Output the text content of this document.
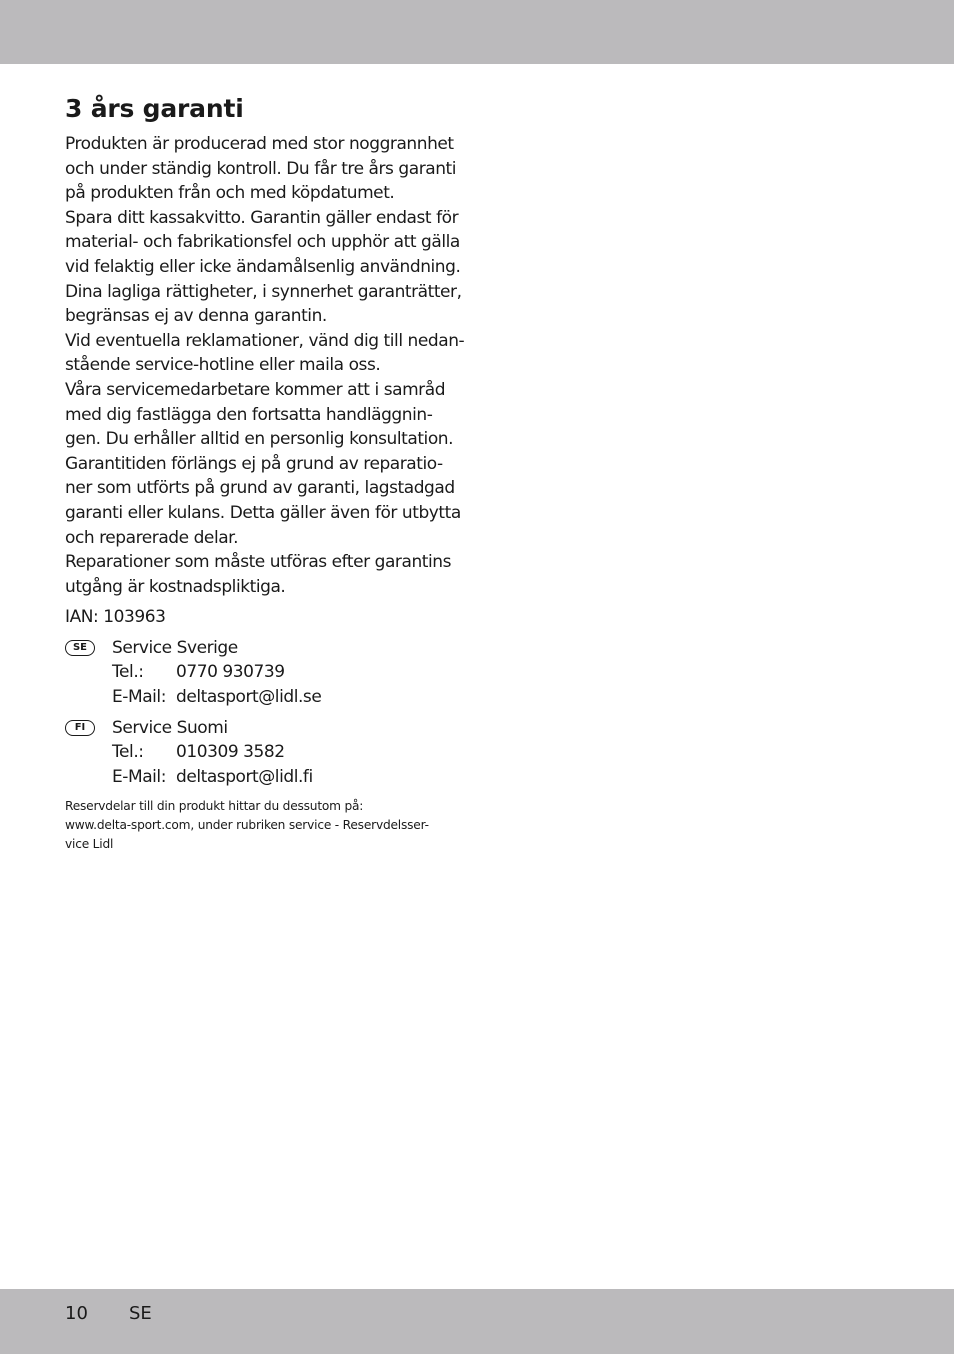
3 års garanti
Produkten är producerad med stor noggrannhet
och under ständig kontroll. Du får tre års garanti
på produkten från och med köpdatumet.
Spara ditt kassakvitto. Garantin gäller endast för
material- och fabrikationsfel och upphör att gälla
vid felaktig eller icke ändamålsenlig användning.
Dina lagliga rättigheter, i synnerhet garanträtter,
begränsas ej av denna garantin.
Vid eventuella reklamationer, vänd dig till nedan-
stående service-hotline eller maila oss.
Våra servicemedarbetare kommer att i samråd
med dig fastlägga den fortsatta handläggnin-
gen. Du erhåller alltid en personlig konsultation.
Garantitiden förlängs ej på grund av reparatio-
ner som utförts på grund av garanti, lagstadgad
garanti eller kulans. Detta gäller även för utbytta
och reparerade delar.
Reparationer som måste utföras efter garantins
utgång är kostnadspliktiga.
IAN: 103963
SE	Service Sverige
Tel.:	0770 930739
E-Mail: deltasport@lidl.se
FI	Service Suomi
Tel.:	010309 3582
E-Mail: deltasport@lidl.fi
Reservdelar till din produkt hittar du dessutom på:
www.delta-sport.com, under rubriken service - Reservdelsser-
vice Lidl
10 SE
